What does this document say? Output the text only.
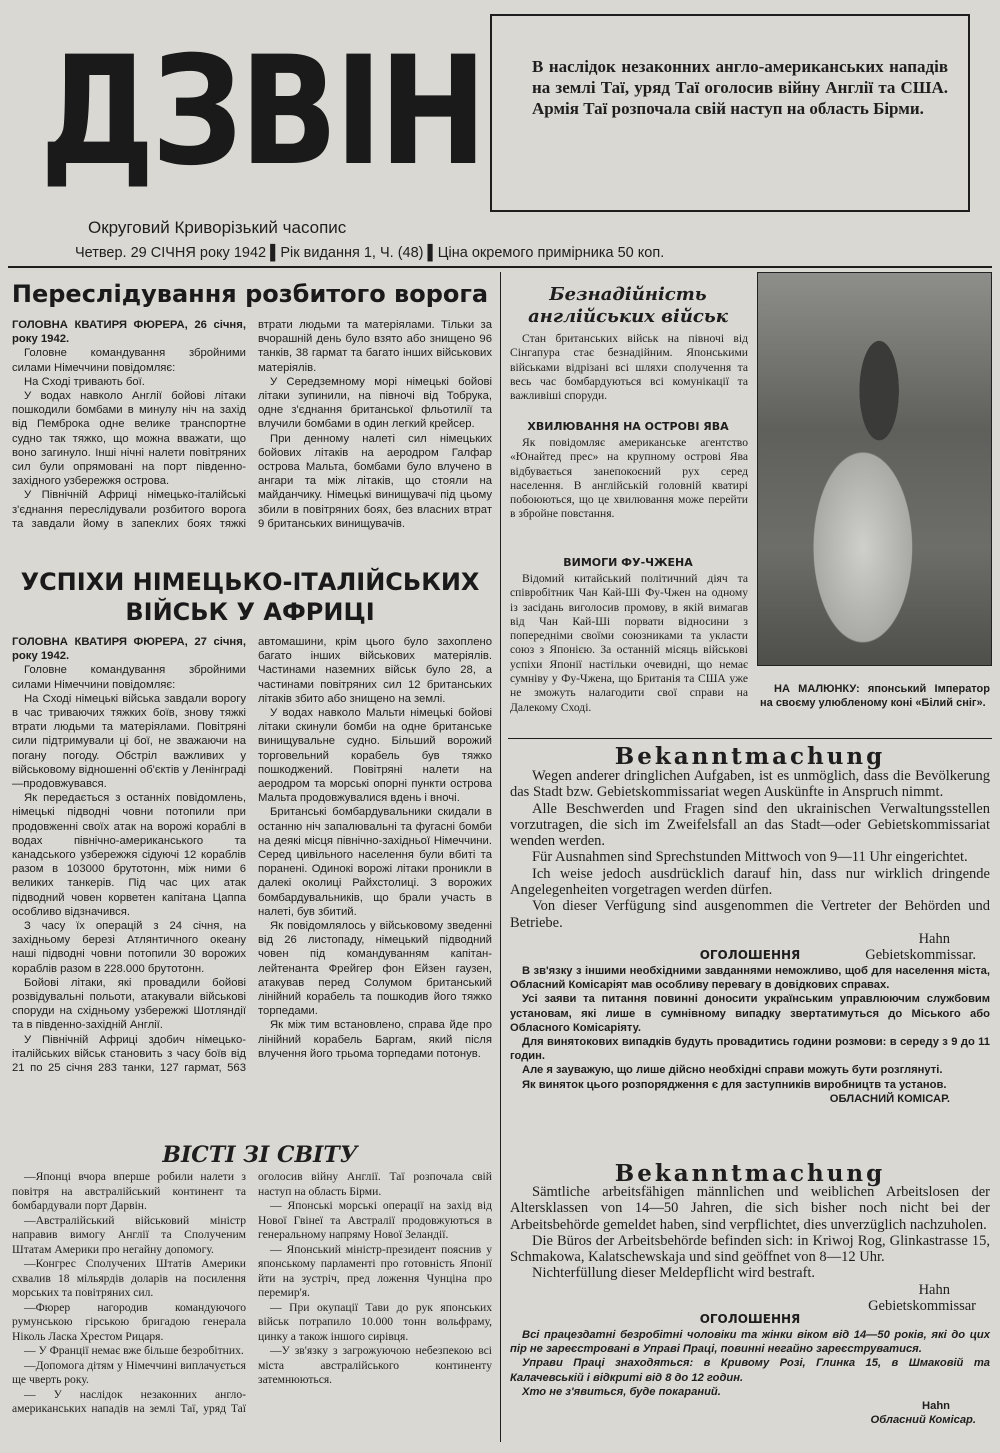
ДЗВІН
Округовий Криворізький часопис
Четвер. 29 СІЧНЯ року 1942 ▌Рік видання 1, Ч. (48) ▌Ціна окремого примірника 50 коп.
В наслідок незаконних англо-американських нападів на землі Таї, уряд Таї оголосив війну Англії та США. Армія Таї розпочала свій наступ на область Бірми.
Переслідування розбитого ворога

ГОЛОВНА КВАТИРЯ ФЮРЕРА, 26 січня, року 1942.

Головне командування збройними силами Німеччини повідомляє:

На Сході тривають бої.

У водах навколо Англії бойові літаки пошкодили бомбами в минулу ніч на захід від Пемброка одне велике транспортне судно так тяжко, що можна вважати, що воно загинуло. Інші нічні налети повітряних сил були опрямовані на порт південно-західного узбережжя острова.

У Північній Африці німецько-італійські з'єднання переслідували розбитого ворога та завдали йому в запеклих боях тяжкі втрати людьми та матеріялами. Тільки за вчорашній день було взято або знищено 96 танків, 38 гармат та багато інших військових матеріялів.

У Середземному морі німецькі бойові літаки зупинили, на півночі від Тобрука, одне з'єднання британської фльотилії та влучили бомбами в один легкий крейсер.

При денному налеті сил німецьких бойових літаків на аеродром Галфар острова Мальта, бомбами було влучено в ангари та між літаків, що стояли на майданчику. Німецькі винищувачі під цьому збили в повітряних боях, без власних втрат 9 британських винищувачів.

УСПІХИ НІМЕЦЬКО-ІТАЛІЙСЬКИХ
ВІЙСЬК У АФРИЦІ

ГОЛОВНА КВАТИРЯ ФЮРЕРА, 27 січня, року 1942.

Головне командування збройними силами Німеччини повідомляє:

На Сході німецькі війська завдали ворогу в час триваючих тяжких боїв, знову тяжкі втрати людьми та матеріялами. Повітряні сили підтримували ці бої, не зважаючи на погану погоду. Обстріл важливих у військовому відношенні об'єктів у Ленінграді—продовжувався.

Як передається з останніх повідомлень, німецькі підводні човни потопили при продовженні своїх атак на ворожі кораблі в водах північно-американського та канадського узбережжя сідуючі 12 кораблів разом в 103000 брутотонн, між ними 6 великих танкерів. Під час цих атак підводний човен корветен капітана Цаппа особливо відзначився.

З часу їх операцій з 24 січня, на західньому березі Атлянтичного океану наші підводні човни потопили 30 ворожих кораблів разом в 228.000 брутотонн.

Бойові літаки, які провадили бойові розвідувальні польоти, атакували військові споруди на східньому узбережжі Шотляндії та в південно-західній Англії.

У Північній Африці здобич німецько-італійських військ становить з часу боїв від 21 по 25 січня 283 танки, 127 гармат, 563 автомашини, крім цього було захоплено багато інших військових матеріялів. Частинами наземних військ було 28, а частинами повітряних сил 12 британських літаків збито або знищено на землі.

У водах навколо Мальти німецькі бойові літаки скинули бомби на одне британське винищувальне судно. Більший ворожий торговельний корабель був тяжко пошкоджений. Повітряні налети на аеродром та морські опорні пункти острова Мальта продовжувалися вдень і вночі.

Британські бомбардувальники скидали в останню ніч запалювальні та фугасні бомби на деякі місця північно-західньої Німеччини. Серед цивільного населення були вбиті та поранені. Одинокі ворожі літаки проникли в далекі околиці Райхстолиці. З ворожих бомбардувальників, що брали участь в налеті, був збитий.

Як повідомлялось у військовому зведенні від 26 листопаду, німецький підводний човен під командуванням капітан-лейтенанта Фрейгер фон Ейзен гаузен, атакував перед Солумом британський лінійний корабель та пошкодив його тяжко торпедами.

Як між тим встановлено, справа йде про лінійний корабель Баргам, який після влучення його трьома торпедами потонув.

ВІСТІ ЗІ СВІТУ

—Японці вчора вперше робили налети з повітря на австралійський континент та бомбардували порт Дарвін.

—Австралійський військовий міністр направив вимогу Англії та Сполученим Штатам Америки про негайну допомогу.

—Конгрес Сполучених Штатів Америки схвалив 18 мільярдів доларів на посилення морських та повітряних сил.

—Фюрер нагородив командуючого румунською гірською бригадою генерала Ніколь Ласка Хрестом Рицаря.

— У Франції немає вже більше безробітних.

—Допомога дітям у Німеччині виплачується ще чверть року.

— У наслідок незаконних англо-американських нападів на землі Таї, уряд Таї оголосив війну Англії. Таї розпочала свій наступ на область Бірми.

— Японські морські операції на захід від Нової Гвінеї та Австралії продовжуються в генеральному напряму Нової Зеландії.

— Японський міністр-президент пояснив у японському парламенті про готовність Японії йти на зустріч, пред ложення Чунціна про перемир'я.

— При окупації Тави до рук японських військ потрапило 10.000 тонн вольфраму, цинку а також іншого сирівця.

—У зв'язку з загрожуючою небезпекою всі міста австралійського континенту затемнюються.

Безнадійність
англійських військ

Стан британських військ на півночі від Сінгапура стає безнадійним. Японськими військами відрізані всі шляхи сполучення та весь час бомбардуються всі комунікації та важливіші споруди.

ХВИЛЮВАННЯ НА ОСТРОВІ ЯВА

Як повідомляє американське агентство «Юнайтед прес» на крупному острові Ява відбувається занепокоєний рух серед населення. В англійській головній кватирі побоюються, що це хвилювання може перейти в збройне повстання.

ВИМОГИ ФУ-ЧЖЕНА

Відомий китайський політичний діяч та співробітник Чан Кай-Ші Фу-Чжен на одному із засідань виголосив промову, в якій вимагав від Чан Кай-Ші порвати відносини з попередніми своїми союзниками та укласти союз з Японією. За останній місяць військові успіхи Японії настільки очевидні, що немає сумніву у Фу-Чжена, що Британія та США уже не зможуть налагодити свої справи на Далекому Сході.

НА МАЛЮНКУ: японський Імператор на своєму улюбленому коні «Білий сніг».

Bekanntmachung

Wegen anderer dringlichen Aufgaben, ist es unmöglich, dass die Bevölkerung das Stadt bzw. Gebietskommissariat wegen Auskünfte in Anspruch nimmt.

Alle Beschwerden und Fragen sind den ukrainischen Verwaltungsstellen vorzutragen, die sich im Zweifelsfall an das Stadt—oder Gebietskommissariat wenden werden.

Für Ausnahmen sind Sprechstunden Mittwoch von 9—11 Uhr eingerichtet.

Ich weise jedoch ausdrücklich darauf hin, dass nur wirklich dringende Angelegenheiten vorgetragen werden dürfen.

Von dieser Verfügung sind ausgenommen die Vertreter der Behörden und Betriebe.

Hahn
Gebietskommissar.
ОГОЛОШЕННЯ

В зв'язку з іншими необхідними завданнями неможливо, щоб для населення міста, Обласний Комісаріят мав особливу перевагу в довідкових справах.

Усі заяви та питання повинні доносити українським управлюючим службовим установам, які лише в сумнівному випадку звертатимуться до Міського або Обласного Комісаріяту.

Для винятокових випадків будуть провадитись години розмови: в середу з 9 до 11 годин.

Але я зауважую, що лише дійсно необхідні справи можуть бути розглянуті.

Як виняток цього розпорядження є для заступників виробництв та установ.

ОБЛАСНИЙ КОМІСАР.
Bekanntmachung

Sämtliche arbeitsfähigen männlichen und weiblichen Arbeitslosen der Altersklassen von 14—50 Jahren, die sich bisher noch nicht bei der Arbeitsbehörde gemeldet haben, sind verpflichtet, dies unverzüglich nachzuholen.

Die Büros der Arbeitsbehörde befinden sich: in Kriwoj Rog, Glinkastrasse 15, Schmakowa, Kalatschewskaja und sind geöffnet von 8—12 Uhr.

Nichterfüllung dieser Meldepflicht wird bestraft.

Hahn
Gebietskommissar
ОГОЛОШЕННЯ

Всі працездатні безробітні чоловіки та жінки віком від 14—50 років, які до цих пір не зареєстровані в Управі Праці, повинні негайно зареєструватися.

Управи Праці знаходяться: в Кривому Розі, Глинка 15, в Шмаковій та Калачевській і відкриті від 8 до 12 годин.

Хто не з'явиться, буде покараний.

Hahn
Обласний Комісар.
